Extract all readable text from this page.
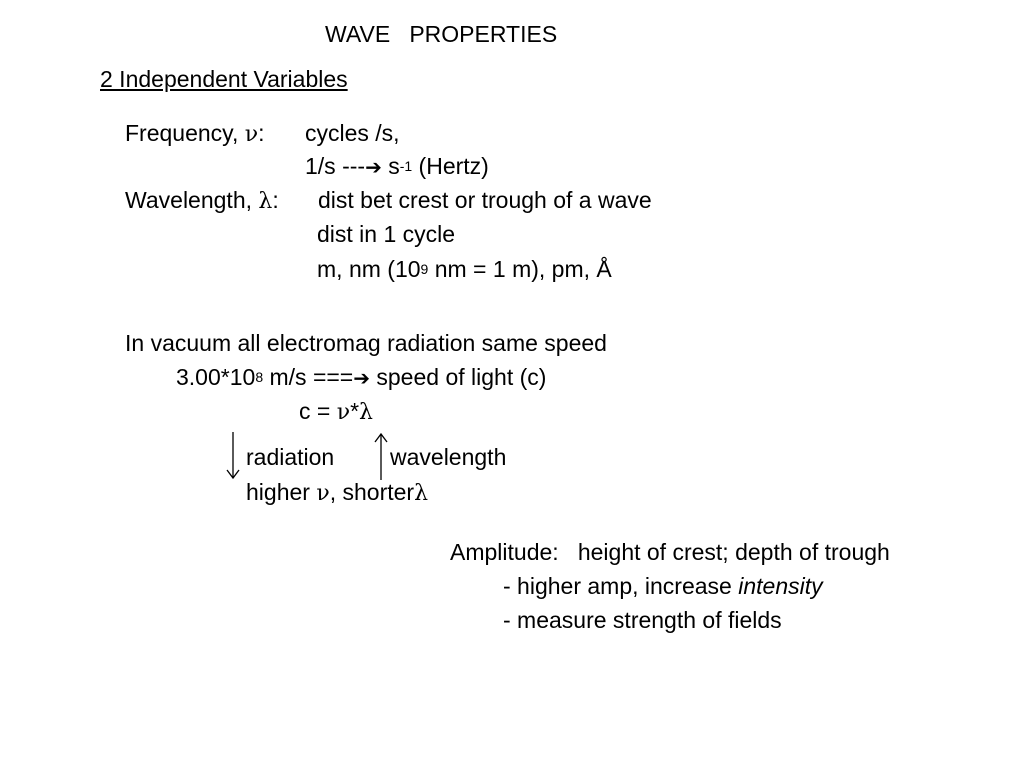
WAVE   PROPERTIES
2 Independent Variables
Frequency, ν: cycles /s,
1/s ---➔ $s^{-1}$ (Hertz)
Wavelength, λ: dist bet crest or trough of a wave
dist in 1 cycle
m, nm ($10^9$ nm = 1 m), pm, Å
In vacuum all electromag radiation same speed
$3.00*10^8$ m/s ===➔ speed of light (c)
c = ν*λ
radiation wavelength
higher ν, shorterλ
Amplitude:   height of crest; depth of trough
- higher amp, increase intensity
- measure strength of fields
